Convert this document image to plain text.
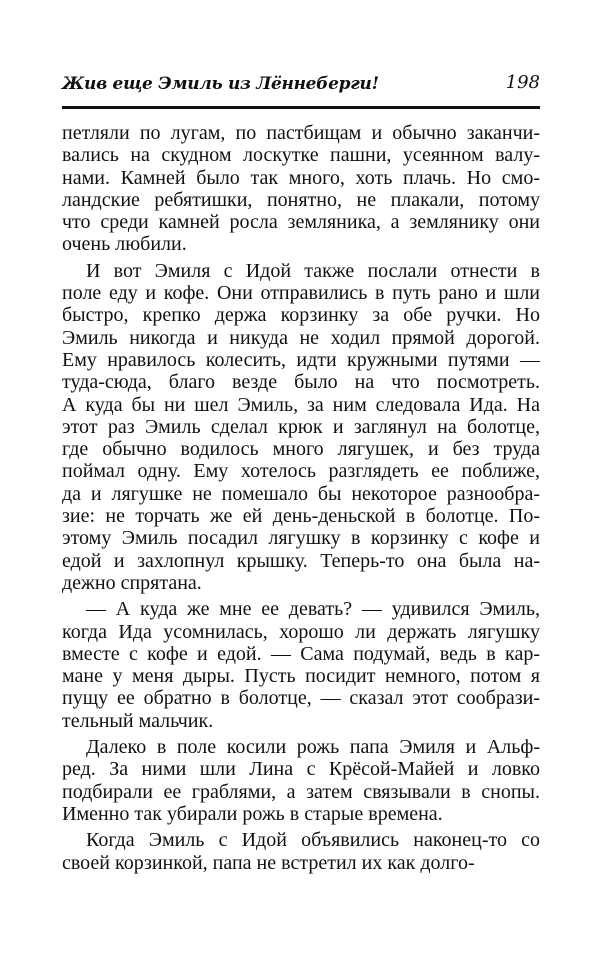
Жив еще Эмиль из Лённеберги!	198
петляли по лугам, по пастбищам и обычно заканчи-
вались на скудном лоскутке пашни, усеянном валу-
нами. Камней было так много, хоть плачь. Но смо-
ландские ребятишки, понятно, не плакали, потому
что среди камней росла земляника, а землянику они
очень любили.
И вот Эмиля с Идой также послали отнести в
поле еду и кофе. Они отправились в путь рано и шли
быстро, крепко держа корзинку за обе ручки. Но
Эмиль никогда и никуда не ходил прямой дорогой.
Ему нравилось колесить, идти кружными путями —
туда-сюда, благо везде было на что посмотреть.
А куда бы ни шел Эмиль, за ним следовала Ида. На
этот раз Эмиль сделал крюк и заглянул на болотце,
где обычно водилось много лягушек, и без труда
поймал одну. Ему хотелось разглядеть ее поближе,
да и лягушке не помешало бы некоторое разнообра-
зие: не торчать же ей день-деньской в болотце. По-
этому Эмиль посадил лягушку в корзинку с кофе и
едой и захлопнул крышку. Теперь-то она была на-
дежно спрятана.
— А куда же мне ее девать? — удивился Эмиль,
когда Ида усомнилась, хорошо ли держать лягушку
вместе с кофе и едой. — Сама подумай, ведь в кар-
мане у меня дыры. Пусть посидит немного, потом я
пущу ее обратно в болотце, — сказал этот сообрази-
тельный мальчик.
Далеко в поле косили рожь папа Эмиля и Альф-
ред. За ними шли Лина с Крёсой-Майей и ловко
подбирали ее граблями, а затем связывали в снопы.
Именно так убирали рожь в старые времена.
Когда Эмиль с Идой объявились наконец-то со
своей корзинкой, папа не встретил их как долго-
